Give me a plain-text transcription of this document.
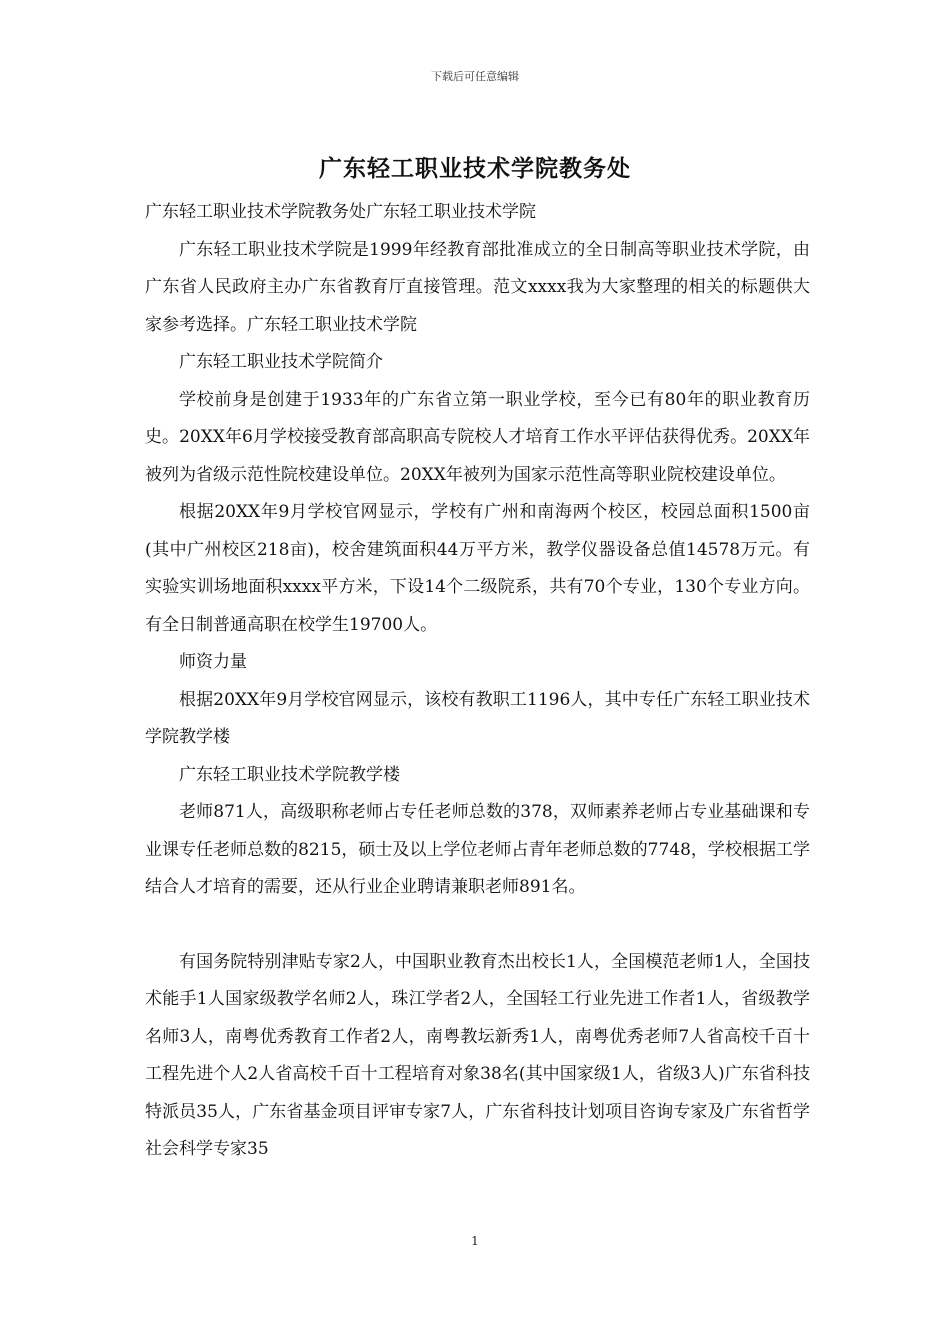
下载后可任意编辑
广东轻工职业技术学院教务处

广东轻工职业技术学院教务处广东轻工职业技术学院

广东轻工职业技术学院是1999年经教育部批准成立的全日制高等职业技术学院，由广东省人民政府主办广东省教育厅直接管理。范文xxxx我为大家整理的相关的标题供大家参考选择。广东轻工职业技术学院

广东轻工职业技术学院简介

学校前身是创建于1933年的广东省立第一职业学校，至今已有80年的职业教育历史。20XX年6月学校接受教育部高职高专院校人才培育工作水平评估获得优秀。20XX年被列为省级示范性院校建设单位。20XX年被列为国家示范性高等职业院校建设单位。

根据20XX年9月学校官网显示，学校有广州和南海两个校区，校园总面积1500亩(其中广州校区218亩)，校舍建筑面积44万平方米，教学仪器设备总值14578万元。有实验实训场地面积xxxx平方米，下设14个二级院系，共有70个专业，130个专业方向。有全日制普通高职在校学生19700人。

师资力量

根据20XX年9月学校官网显示，该校有教职工1196人，其中专任广东轻工职业技术学院教学楼

广东轻工职业技术学院教学楼

老师871人，高级职称老师占专任老师总数的378，双师素养老师占专业基础课和专业课专任老师总数的8215，硕士及以上学位老师占青年老师总数的7748，学校根据工学结合人才培育的需要，还从行业企业聘请兼职老师891名。

有国务院特别津贴专家2人，中国职业教育杰出校长1人，全国模范老师1人，全国技术能手1人国家级教学名师2人，珠江学者2人，全国轻工行业先进工作者1人，省级教学名师3人，南粤优秀教育工作者2人，南粤教坛新秀1人，南粤优秀老师7人省高校千百十工程先进个人2人省高校千百十工程培育对象38名(其中国家级1人，省级3人)广东省科技特派员35人，广东省基金项目评审专家7人，广东省科技计划项目咨询专家及广东省哲学社会科学专家35

1
